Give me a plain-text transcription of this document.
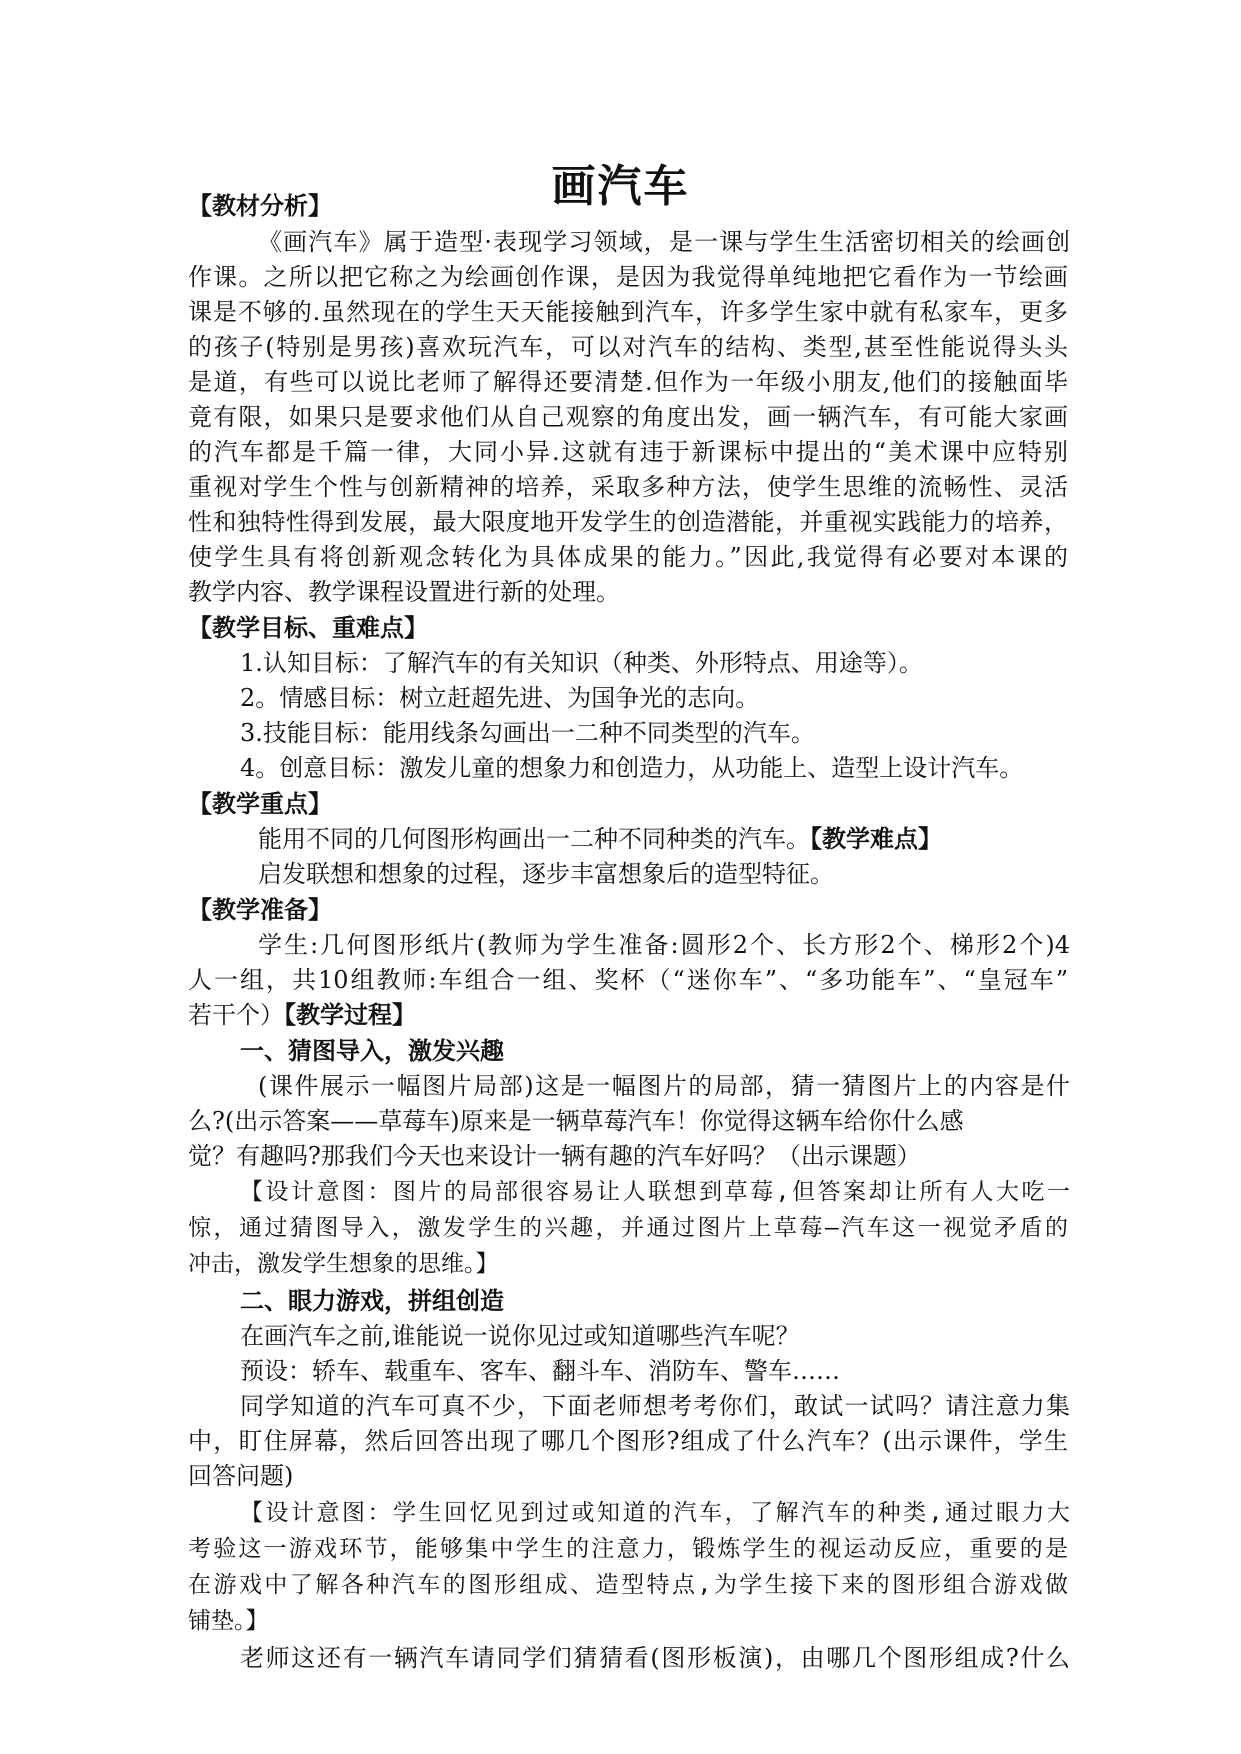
画汽车
【教材分析】
《画汽车》属于造型·表现学习领域，是一课与学生生活密切相关的绘画创
作课。之所以把它称之为绘画创作课，是因为我觉得单纯地把它看作为一节绘画
课是不够的.虽然现在的学生天天能接触到汽车，许多学生家中就有私家车，更多
的孩子(特别是男孩)喜欢玩汽车，可以对汽车的结构、类型,甚至性能说得头头
是道，有些可以说比老师了解得还要清楚.但作为一年级小朋友,他们的接触面毕
竟有限，如果只是要求他们从自己观察的角度出发，画一辆汽车，有可能大家画
的汽车都是千篇一律，大同小异.这就有违于新课标中提出的“美术课中应特别
重视对学生个性与创新精神的培养，采取多种方法，使学生思维的流畅性、灵活
性和独特性得到发展，最大限度地开发学生的创造潜能，并重视实践能力的培养，
使学生具有将创新观念转化为具体成果的能力。”因此,我觉得有必要对本课的
教学内容、教学课程设置进行新的处理。
【教学目标、重难点】
1.认知目标：了解汽车的有关知识（种类、外形特点、用途等）。
2。情感目标：树立赶超先进、为国争光的志向。
3.技能目标：能用线条勾画出一二种不同类型的汽车。
4。创意目标：激发儿童的想象力和创造力，从功能上、造型上设计汽车。
【教学重点】
能用不同的几何图形构画出一二种不同种类的汽车。【教学难点】
启发联想和想象的过程，逐步丰富想象后的造型特征。
【教学准备】
学生:几何图形纸片(教师为学生准备:圆形2个、长方形2个、梯形2个)4
人一组，共10组教师:车组合一组、奖杯（“迷你车”、“多功能车”、“皇冠车”
若干个）【教学过程】
一、猜图导入，激发兴趣
(课件展示一幅图片局部)这是一幅图片的局部，猜一猜图片上的内容是什
么?(出示答案——草莓车)原来是一辆草莓汽车！你觉得这辆车给你什么感
觉？有趣吗?那我们今天也来设计一辆有趣的汽车好吗？（出示课题）
【设计意图：图片的局部很容易让人联想到草莓,但答案却让所有人大吃一
惊，通过猜图导入，激发学生的兴趣，并通过图片上草莓—汽车这一视觉矛盾的
冲击，激发学生想象的思维。】
二、眼力游戏，拼组创造
在画汽车之前,谁能说一说你见过或知道哪些汽车呢？
预设：轿车、载重车、客车、翻斗车、消防车、警车……
同学知道的汽车可真不少，下面老师想考考你们，敢试一试吗？请注意力集
中，盯住屏幕，然后回答出现了哪几个图形?组成了什么汽车？(出示课件，学生
回答问题)
【设计意图：学生回忆见到过或知道的汽车，了解汽车的种类,通过眼力大
考验这一游戏环节，能够集中学生的注意力，锻炼学生的视运动反应，重要的是
在游戏中了解各种汽车的图形组成、造型特点,为学生接下来的图形组合游戏做
铺垫。】
老师这还有一辆汽车请同学们猜猜看(图形板演)，由哪几个图形组成?什么
